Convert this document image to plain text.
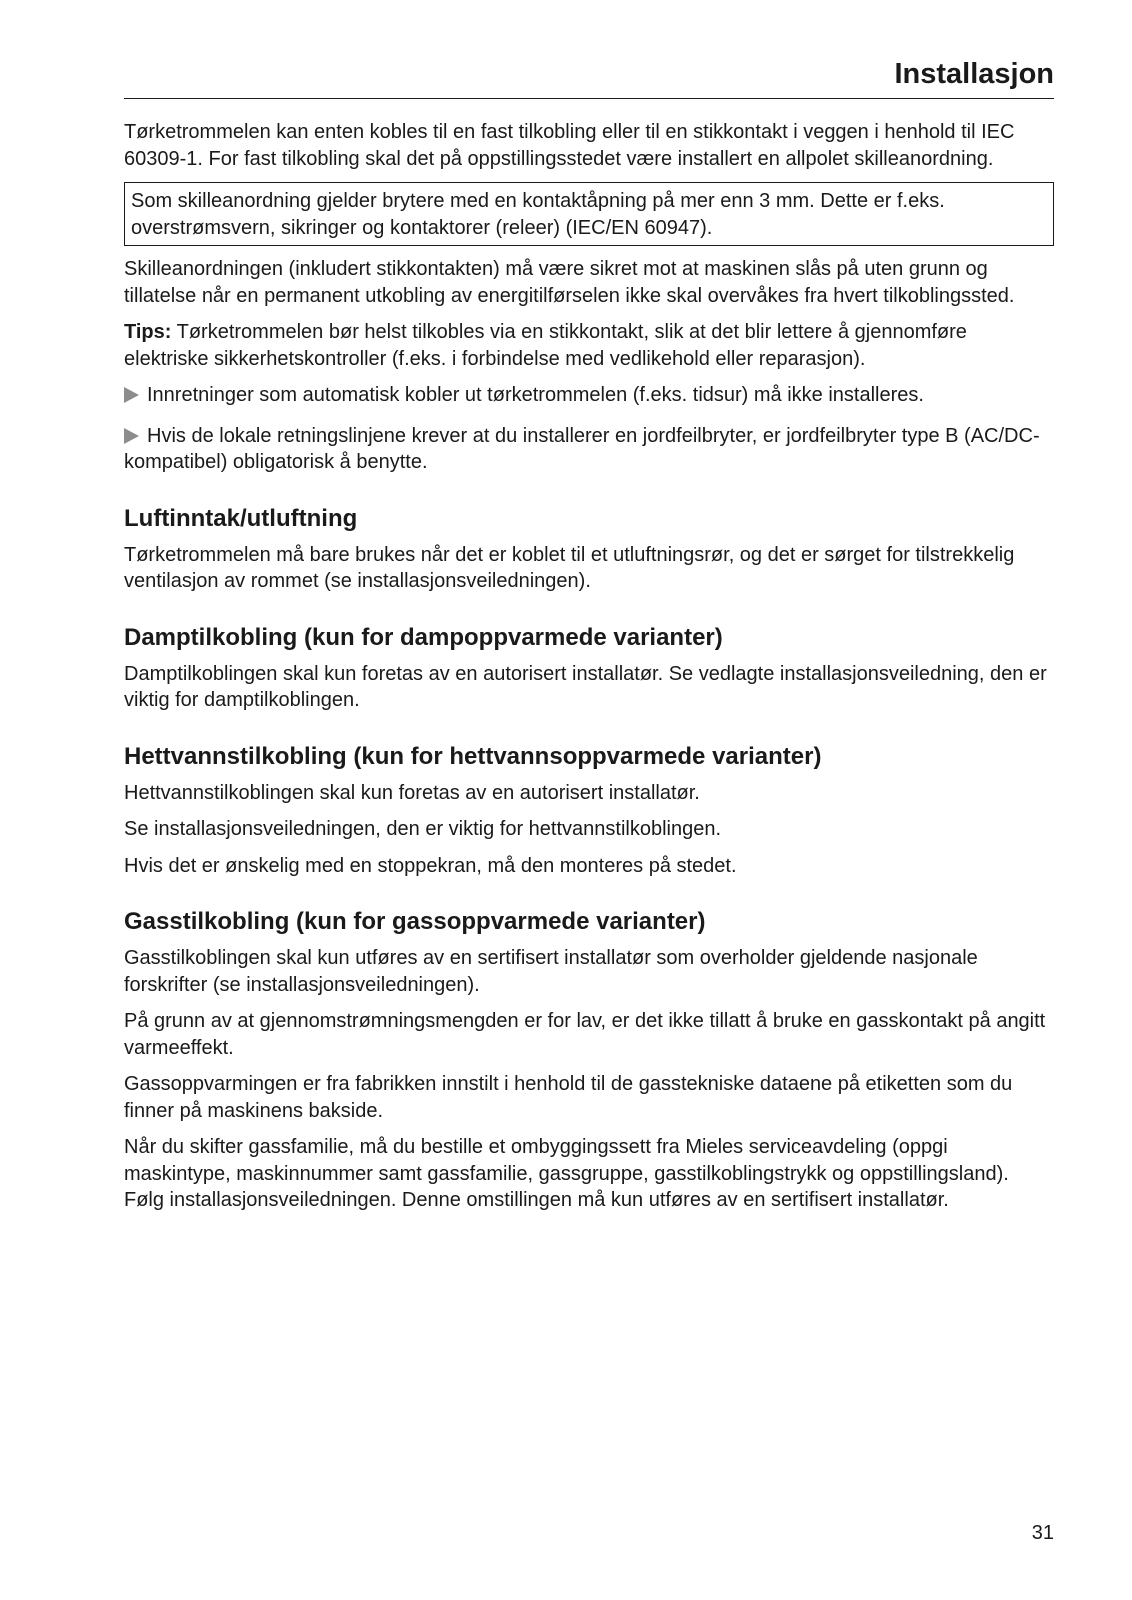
Installasjon

Tørketrommelen kan enten kobles til en fast tilkobling eller til en stikkontakt i veggen i henhold til IEC 60309-1. For fast tilkobling skal det på oppstillingsstedet være installert en allpolet skilleanordning.

Som skilleanordning gjelder brytere med en kontaktåpning på mer enn 3 mm. Dette er f.eks. overstrømsvern, sikringer og kontaktorer (releer) (IEC/EN 60947).

Skilleanordningen (inkludert stikkontakten) må være sikret mot at maskinen slås på uten grunn og tillatelse når en permanent utkobling av energitilførselen ikke skal overvåkes fra hvert tilkoblingssted.

Tips: Tørketrommelen bør helst tilkobles via en stikkontakt, slik at det blir lettere å gjennomføre elektriske sikkerhetskontroller (f.eks. i forbindelse med vedlikehold eller reparasjon).

Innretninger som automatisk kobler ut tørketrommelen (f.eks. tidsur) må ikke installeres.

Hvis de lokale retningslinjene krever at du installerer en jordfeilbryter, er jordfeilbryter type B (AC/DC-kompatibel) obligatorisk å benytte.

Luftinntak/utluftning

Tørketrommelen må bare brukes når det er koblet til et utluftningsrør, og det er sørget for tilstrekkelig ventilasjon av rommet (se installasjonsveiledningen).

Damptilkobling (kun for dampoppvarmede varianter)

Damptilkoblingen skal kun foretas av en autorisert installatør. Se vedlagte installasjonsveiledning, den er viktig for damptilkoblingen.

Hettvannstilkobling (kun for hettvannsoppvarmede varianter)

Hettvannstilkoblingen skal kun foretas av en autorisert installatør.

Se installasjonsveiledningen, den er viktig for hettvannstilkoblingen.

Hvis det er ønskelig med en stoppekran, må den monteres på stedet.

Gasstilkobling (kun for gassoppvarmede varianter)

Gasstilkoblingen skal kun utføres av en sertifisert installatør som overholder gjeldende nasjonale forskrifter (se installasjonsveiledningen).

På grunn av at gjennomstrømningsmengden er for lav, er det ikke tillatt å bruke en gasskontakt på angitt varmeeffekt.

Gassoppvarmingen er fra fabrikken innstilt i henhold til de gasstekniske dataene på etiketten som du finner på maskinens bakside.

Når du skifter gassfamilie, må du bestille et ombyggingssett fra Mieles serviceavdeling (oppgi maskintype, maskinnummer samt gassfamilie, gassgruppe, gasstilkoblingstrykk og oppstillingsland). Følg installasjonsveiledningen. Denne omstillingen må kun utføres av en sertifisert installatør.

31
